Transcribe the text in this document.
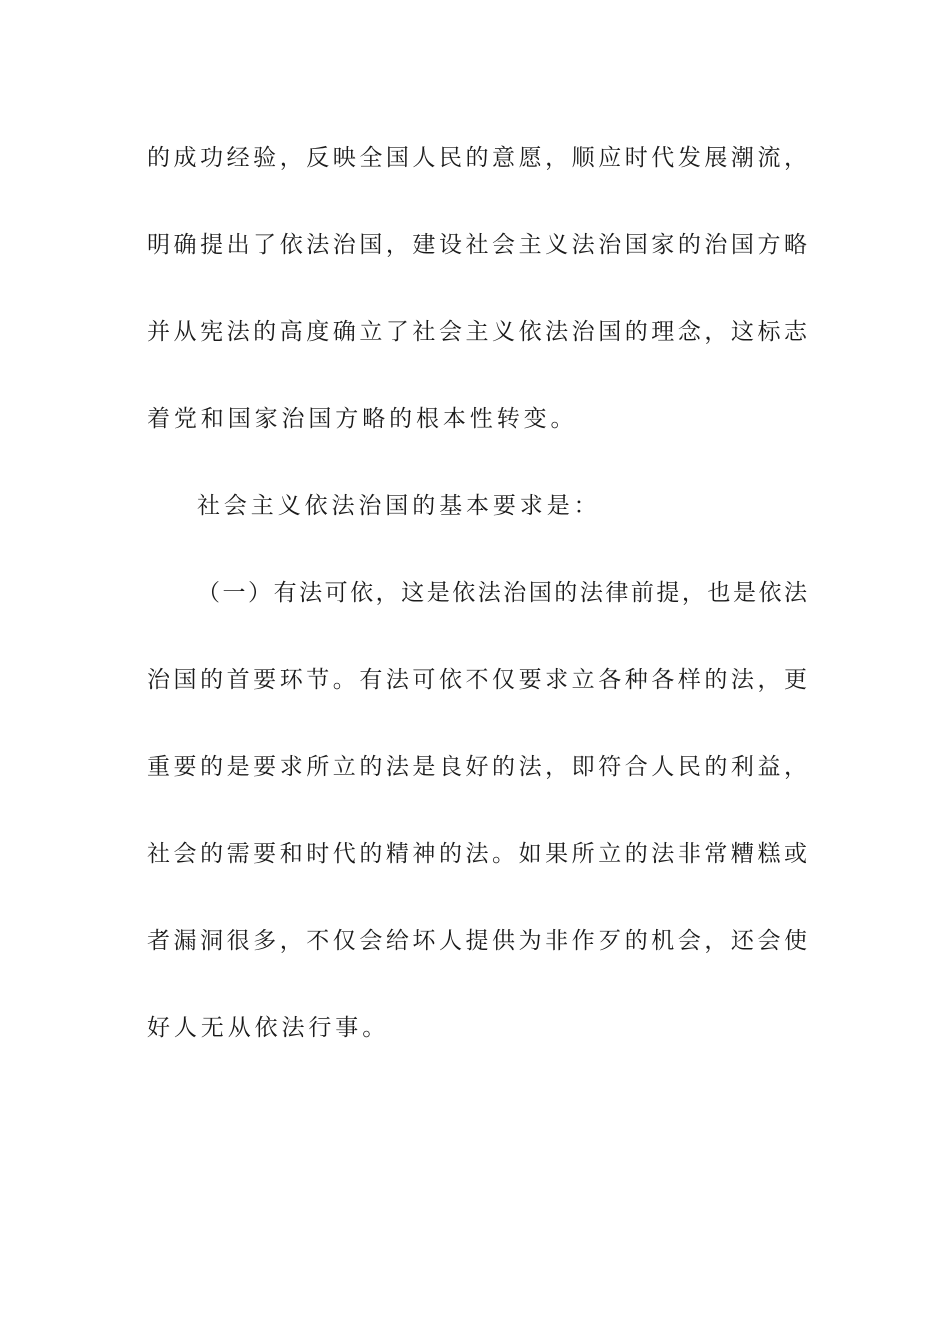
的成功经验，反映全国人民的意愿，顺应时代发展潮流，
明确提出了依法治国，建设社会主义法治国家的治国方略
并从宪法的高度确立了社会主义依法治国的理念，这标志
着党和国家治国方略的根本性转变。
社会主义依法治国的基本要求是：
（一）有法可依，这是依法治国的法律前提，也是依法
治国的首要环节。有法可依不仅要求立各种各样的法，更
重要的是要求所立的法是良好的法，即符合人民的利益，
社会的需要和时代的精神的法。如果所立的法非常糟糕或
者漏洞很多，不仅会给坏人提供为非作歹的机会，还会使
好人无从依法行事。
